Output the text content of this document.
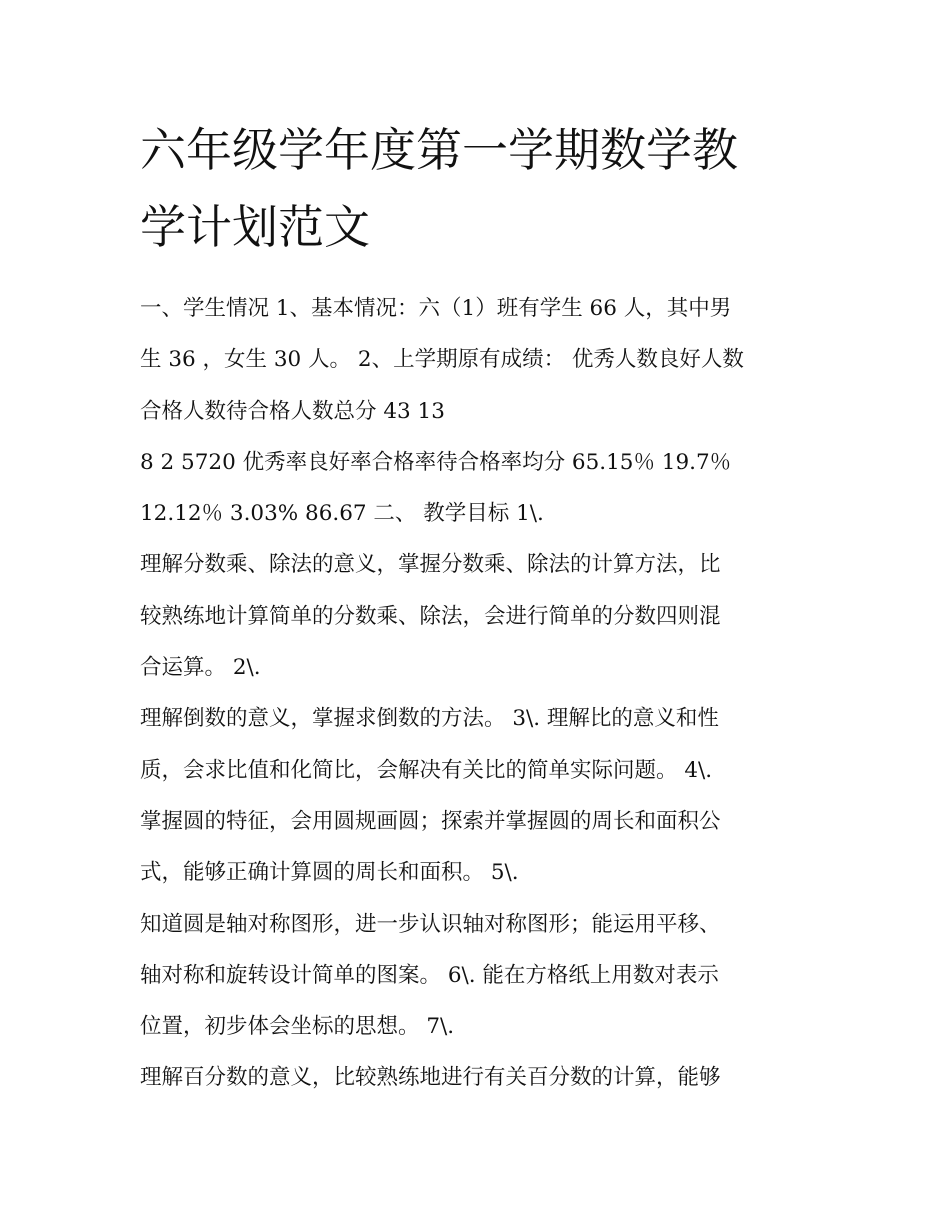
六年级学年度第一学期数学教
学计划范文
一、学生情况 1、基本情况：六（1）班有学生 66 人，其中男
生 36 ，女生 30 人。 2、上学期原有成绩： 优秀人数良好人数
合格人数待合格人数总分 43 13
8 2 5720 优秀率良好率合格率待合格率均分 65.15％ 19.7％
12.12％ 3.03% 86.67 二、 教学目标 1\.
理解分数乘、除法的意义，掌握分数乘、除法的计算方法，比
较熟练地计算简单的分数乘、除法，会进行简单的分数四则混
合运算。 2\.
理解倒数的意义，掌握求倒数的方法。 3\. 理解比的意义和性
质，会求比值和化简比，会解决有关比的简单实际问题。 4\.
掌握圆的特征，会用圆规画圆；探索并掌握圆的周长和面积公
式，能够正确计算圆的周长和面积。 5\.
知道圆是轴对称图形，进一步认识轴对称图形；能运用平移、
轴对称和旋转设计简单的图案。 6\. 能在方格纸上用数对表示
位置，初步体会坐标的思想。 7\.
理解百分数的意义，比较熟练地进行有关百分数的计算，能够
